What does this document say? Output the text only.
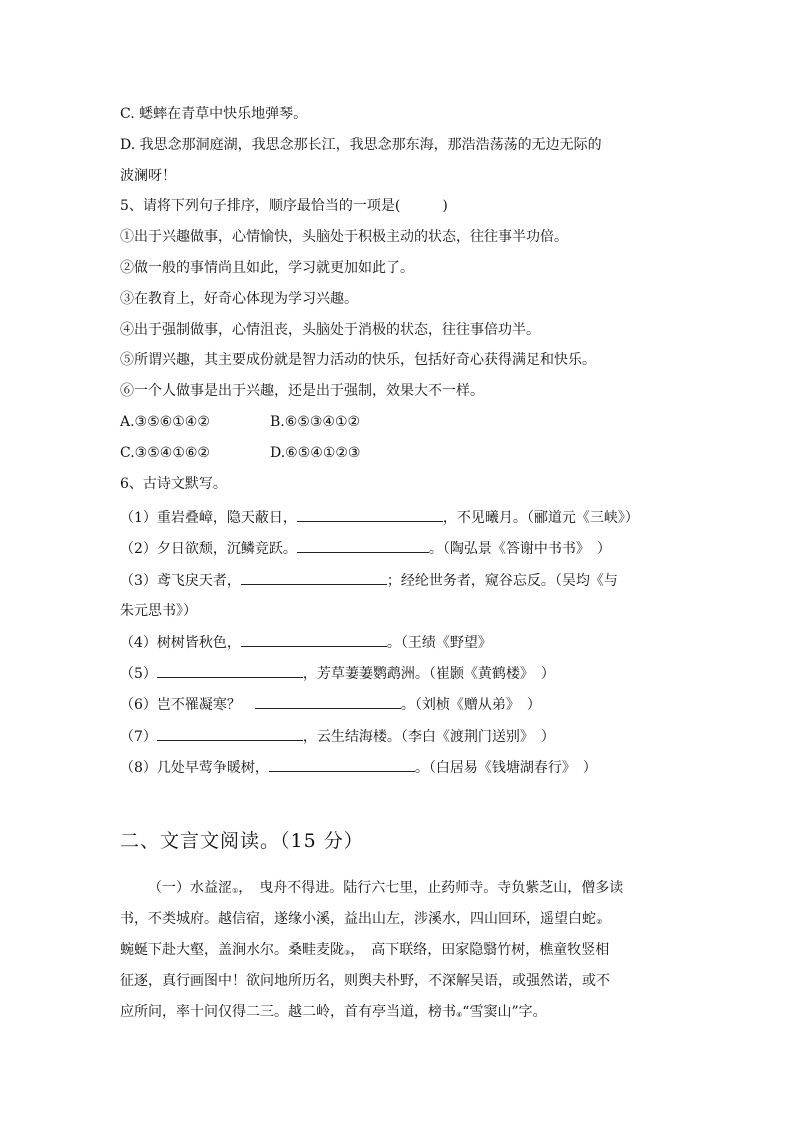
C. 蟋蟀在青草中快乐地弹琴。
D. 我思念那洞庭湖，我思念那长江，我思念那东海，那浩浩荡荡的无边无际的
波澜呀！
5、请将下列句子排序，顺序最恰当的一项是(　　　)
①出于兴趣做事，心情愉快，头脑处于积极主动的状态，往往事半功倍。
②做一般的事情尚且如此，学习就更加如此了。
③在教育上，好奇心体现为学习兴趣。
④出于强制做事，心情沮丧，头脑处于消极的状态，往往事倍功半。
⑤所谓兴趣，其主要成份就是智力活动的快乐，包括好奇心获得满足和快乐。
⑥一个人做事是出于兴趣，还是出于强制，效果大不一样。
A.③⑤⑥①④②	B.⑥⑤③④①②
C.③⑤④①⑥②	D.⑥⑤④①②③
6、古诗文默写。
（1）重岩叠嶂，隐天蔽日，	，不见曦月。（郦道元《三峡》）
（2）夕日欲颓，沉鳞竞跃。	。（陶弘景《答谢中书书》　）
（3）鸢飞戾天者，	；经纶世务者，窥谷忘反。（吴均《与
朱元思书》）
（4）树树皆秋色，	。（王绩《野望》
（5）	，芳草萋萋鹦鹉洲。（崔颢《黄鹤楼》　）
（6）岂不罹凝寒？　	。（刘桢《赠从弟》　）
（7）	，云生结海楼。（李白《渡荆门送别》　）
（8）几处早莺争暖树，	。（白居易《钱塘湖春行》　）
二、文言文阅读。（15 分）
（一）水益涩①，　曳舟不得进。陆行六七里，止药师寺。寺负紫芝山，僧多读
书，不类城府。越信宿，遂缘小溪，益出山左，涉溪水，四山回环，遥望白蛇②
蜿蜒下赴大壑，盖涧水尔。桑畦麦陇③，　高下联络，田家隐翳竹树，樵童牧竖相
征逐，真行画图中！欲问地所历名，则舆夫朴野，不深解吴语，或强然诺，或不
应所问，率十问仅得二三。越二岭，首有亭当道，榜书④“雪窦山”字。
